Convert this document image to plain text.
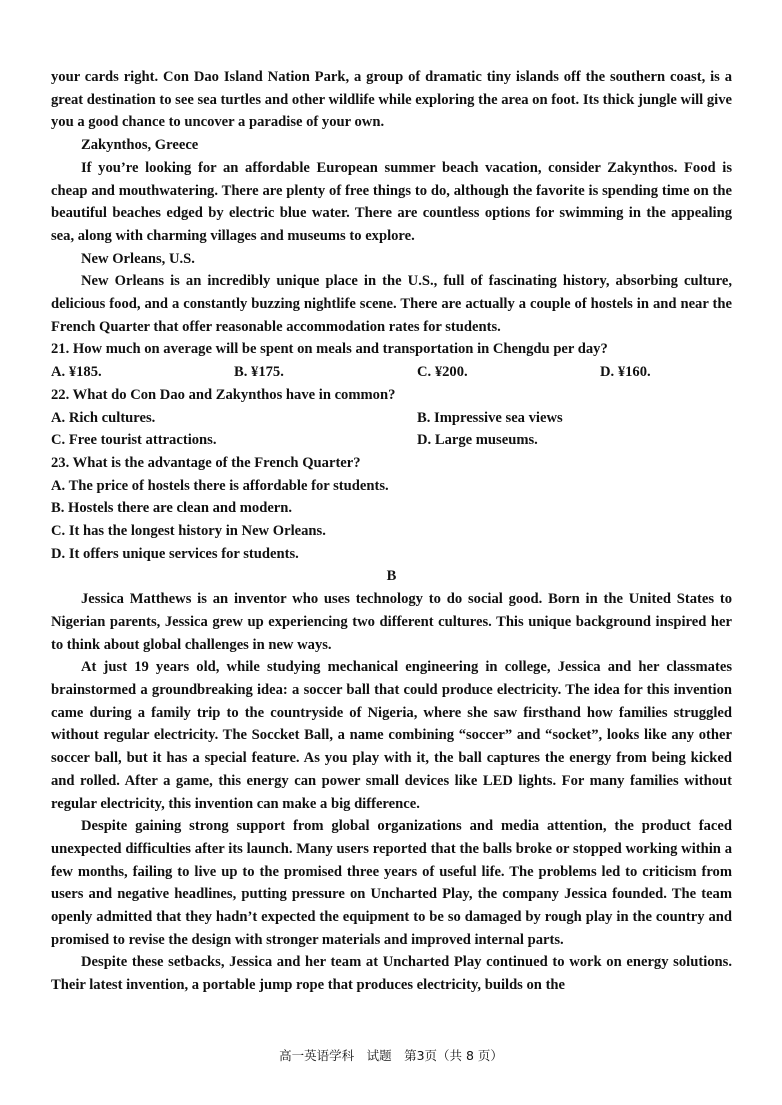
your cards right. Con Dao Island Nation Park, a group of dramatic tiny islands off the southern coast, is a great destination to see sea turtles and other wildlife while exploring the area on foot. Its thick jungle will give you a good chance to uncover a paradise of your own.

Zakynthos, Greece

If you’re looking for an affordable European summer beach vacation, consider Zakynthos. Food is cheap and mouthwatering. There are plenty of free things to do, although the favorite is spending time on the beautiful beaches edged by electric blue water. There are countless options for swimming in the appealing sea, along with charming villages and museums to explore.

New Orleans, U.S.

New Orleans is an incredibly unique place in the U.S., full of fascinating history, absorbing culture, delicious food, and a constantly buzzing nightlife scene. There are actually a couple of hostels in and near the French Quarter that offer reasonable accommodation rates for students.

21. How much on average will be spent on meals and transportation in Chengdu per day?

A. ¥185.	B. ¥175.	C. ¥200.	D. ¥160.

22. What do Con Dao and Zakynthos have in common?

A. Rich cultures.	B. Impressive sea views
C. Free tourist attractions.	D. Large museums.

23. What is the advantage of the French Quarter?

A. The price of hostels there is affordable for students.

B. Hostels there are clean and modern.

C. It has the longest history in New Orleans.

D. It offers unique services for students.

B

Jessica Matthews is an inventor who uses technology to do social good. Born in the United States to Nigerian parents, Jessica grew up experiencing two different cultures. This unique background inspired her to think about global challenges in new ways.

At just 19 years old, while studying mechanical engineering in college, Jessica and her classmates brainstormed a groundbreaking idea: a soccer ball that could produce electricity. The idea for this invention came during a family trip to the countryside of Nigeria, where she saw firsthand how families struggled without regular electricity. The Soccket Ball, a name combining “soccer” and “socket”, looks like any other soccer ball, but it has a special feature. As you play with it, the ball captures the energy from being kicked and rolled. After a game, this energy can power small devices like LED lights. For many families without regular electricity, this invention can make a big difference.

Despite gaining strong support from global organizations and media attention, the product faced unexpected difficulties after its launch. Many users reported that the balls broke or stopped working within a few months, failing to live up to the promised three years of useful life. The problems led to criticism from users and negative headlines, putting pressure on Uncharted Play, the company Jessica founded. The team openly admitted that they hadn’t expected the equipment to be so damaged by rough play in the country and promised to revise the design with stronger materials and improved internal parts.

Despite these setbacks, Jessica and her team at Uncharted Play continued to work on energy solutions. Their latest invention, a portable jump rope that produces electricity, builds on the

高一英语学科　试题　第3页（共 8 页）
